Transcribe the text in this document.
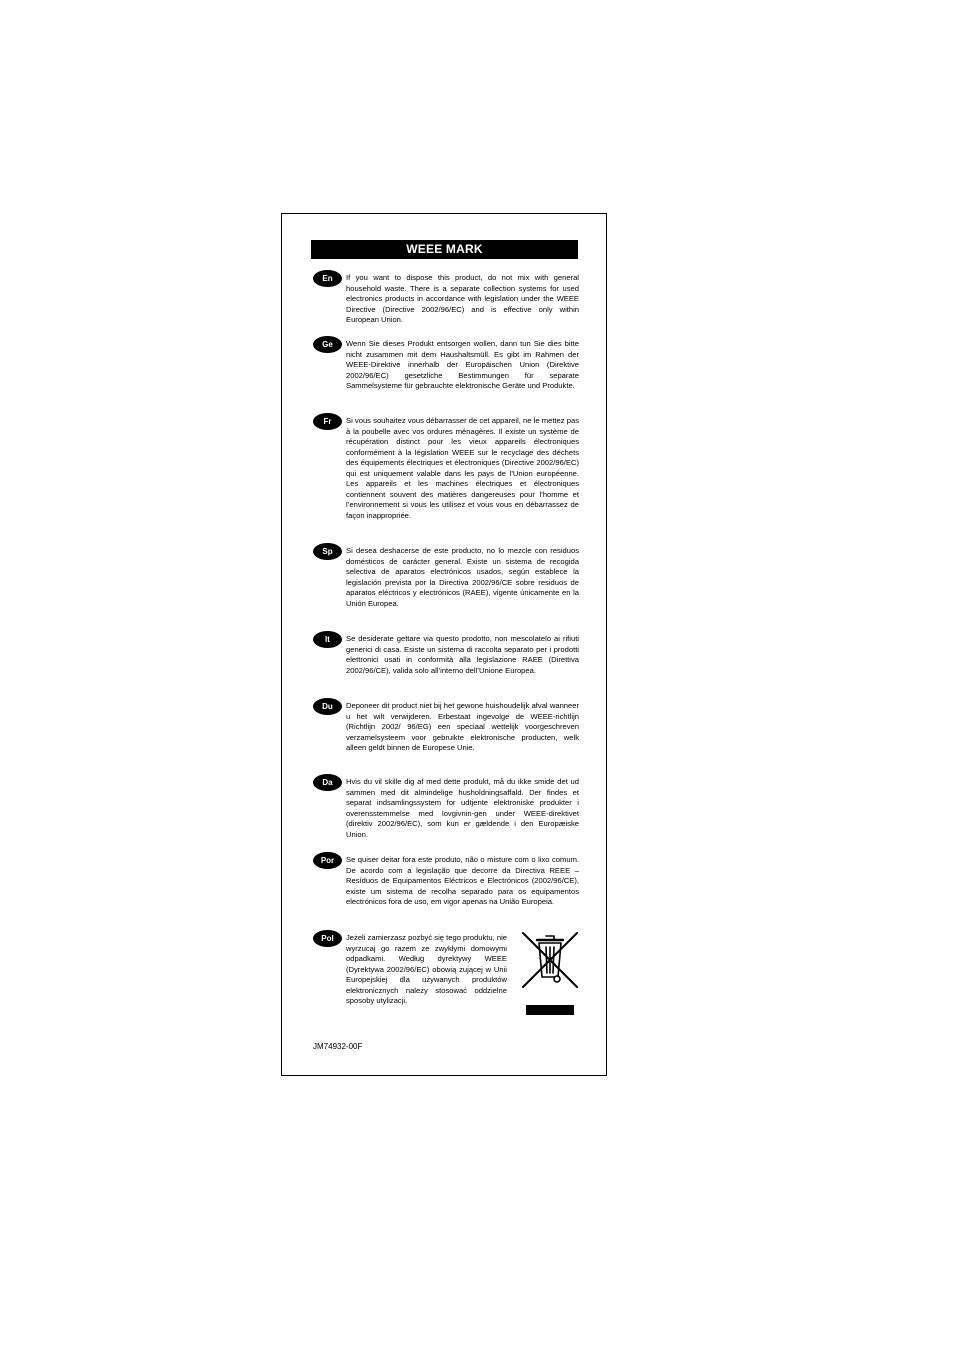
WEEE MARK
En	If you want to dispose this product, do not mix with general household waste. There is a separate collection systems for used electronics products in accordance with legislation under the WEEE Directive (Directive 2002/96/EC) and is effective only within European Union.
Ge	Wenn Sie dieses Produkt entsorgen wollen, dann tun Sie dies bitte nicht zusammen mit dem Haushaltsmüll. Es gibt im Rahmen der WEEE-Direktive innerhalb der Europäischen Union (Direktive 2002/96/EC) gesetzliche Bestimmungen für separate Sammelsysteme für gebrauchte elektronische Geräte und Produkte.
Fr	Si vous souhaitez vous débarrasser de cet appareil, ne le mettez pas à la poubelle avec vos ordures ménagères. Il existe un système de récupération distinct pour les vieux appareils électroniques conformément à la législation WEEE sur le recyclage des déchets des équipements électriques et électroniques (Directive 2002/96/EC) qui est uniquement valable dans les pays de l’Union européenne. Les appareils et les machines électriques et électroniques contiennent souvent des matières dangereuses pour l’homme et l’environnement si vous les utilisez et vous vous en débarrassez de façon inappropriée.
Sp	Si desea deshacerse de este producto, no lo mezcle con residuos domésticos de carácter general. Existe un sistema de recogida selectiva de aparatos electrónicos usados, según establece la legislación prevista por la Directiva 2002/96/CE sobre residuos de aparatos eléctricos y electrónicos (RAEE), vigente únicamente en la Unión Europea.
It	Se desiderate gettare via questo prodotto, non mescolatelo ai rifiuti generici di casa. Esiste un sistema di raccolta separato per i prodotti elettronici usati in conformità alla legislazione RAEE (Direttiva 2002/96/CE), valida solo all’interno dell’Unione Europea.
Du	Deponeer dit product niet bij het gewone huishoudelijk afval wanneer u het wilt verwijderen. Erbestaat ingevolge de WEEE-richtlijn (Richtlijn 2002/ 96/EG) een speciaal wettelijk voorgeschreven verzamelsysteem voor gebruikte elektronische producten, welk alleen geldt binnen de Europese Unie.
Da	Hvis du vil skille dig af med dette produkt, må du ikke smide det ud sammen med dit almindelige husholdningsaffald. Der findes et separat indsamlingssystem for udtjente elektroniske produkter i overensstemmelse med lovgivnin-gen under WEEE-direktivet (direktiv 2002/96/EC), som kun er gældende i den Europæiske Union.
Por	Se quiser deitar fora este produto, não o misture com o lixo comum. De acordo com a legislação que decorre da Directiva REEE – Resíduos de Equipamentos Eléctricos e Electrónicos (2002/96/CE), existe um sistema de recolha separado para os equipamentos electrónicos fora de uso, em vigor apenas na União Europeia.
Pol	Jeżeli zamierzasz pozbyć się tego produktu, nie wyrzucaj go razem ze zwykłymi domowymi odpadkami. Według dyrektywy WEEE (Dyrektywa 2002/96/EC) obowią zującej w Unii Europejskiej dla używanych produktów elektronicznych należy stosować oddzielne sposoby utylizacji.
JM74932-00F
